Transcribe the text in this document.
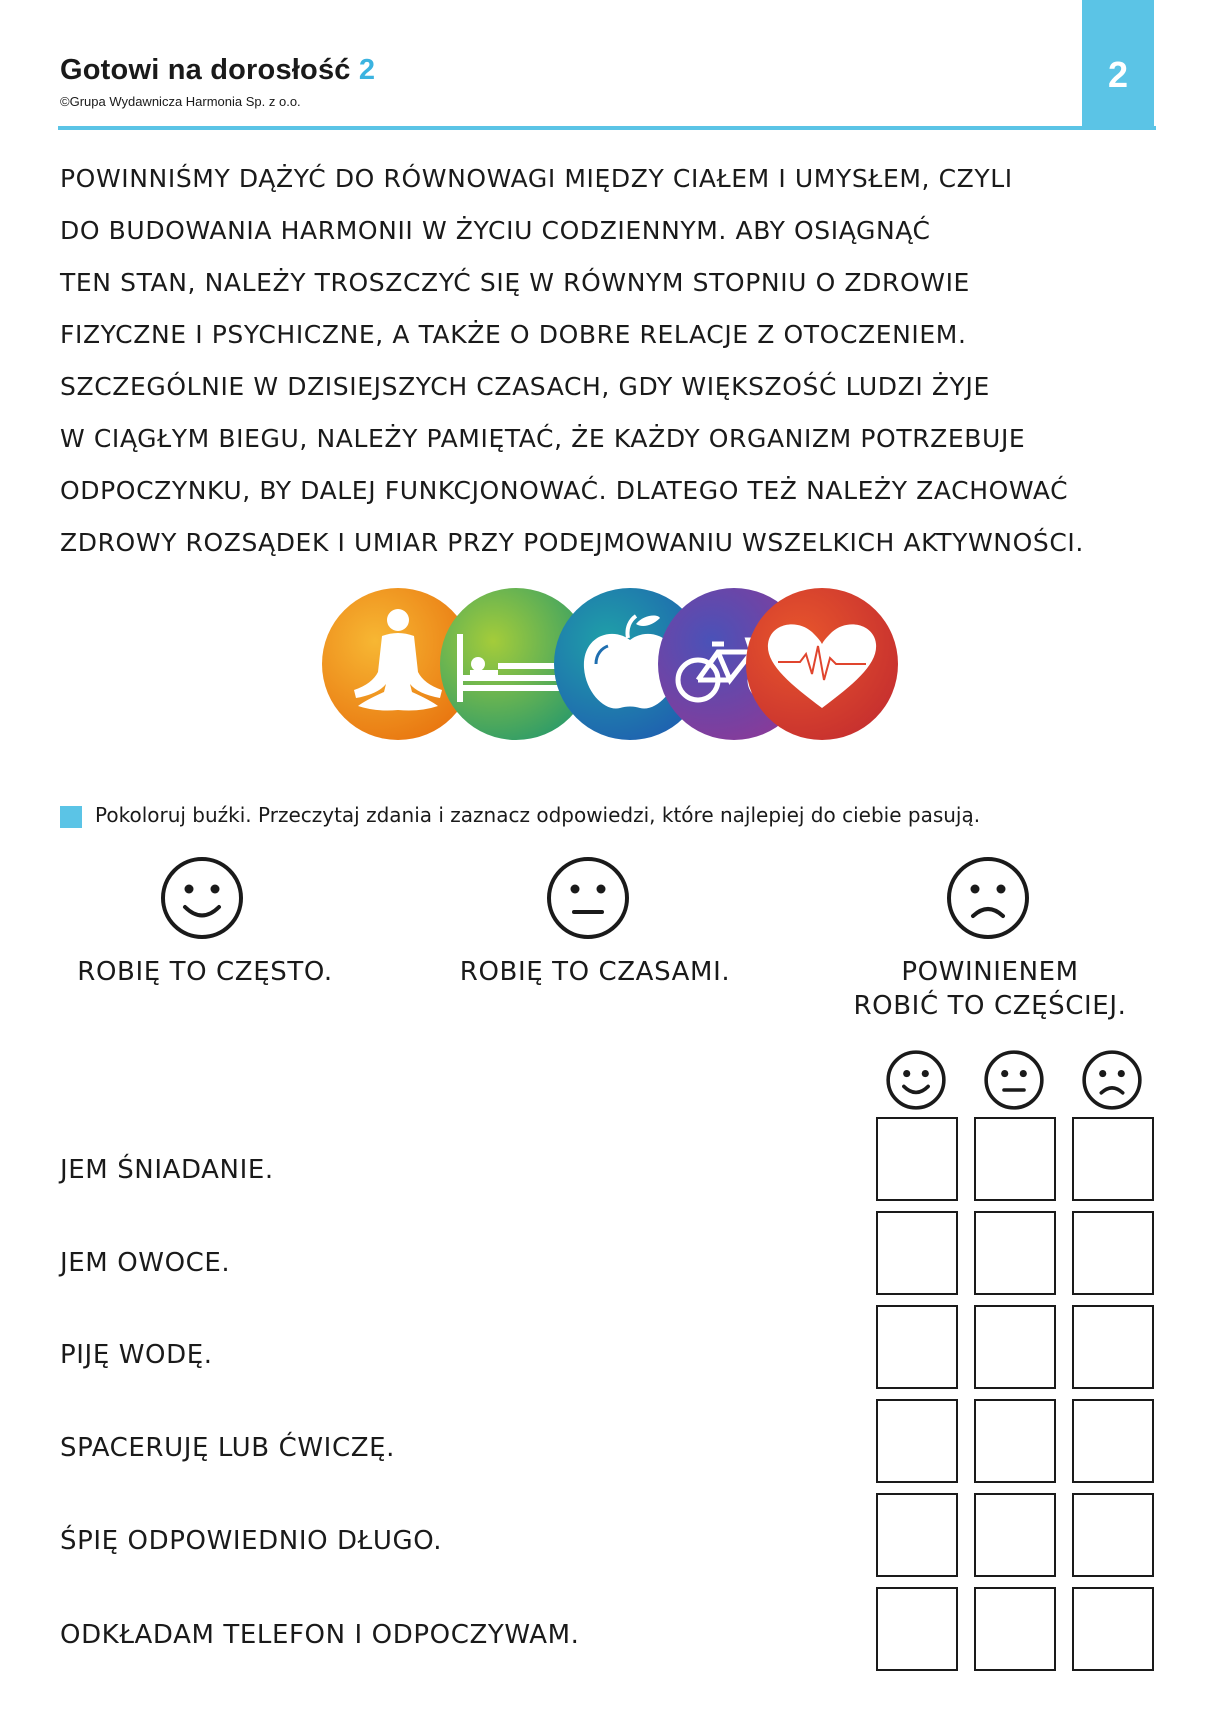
Gotowi na dorosłość 2
©Grupa Wydawnicza Harmonia Sp. z o.o.
2
POWINNIŚMY DĄŻYĆ DO RÓWNOWAGI MIĘDZY CIAŁEM I UMYSŁEM, CZYLI
DO BUDOWANIA HARMONII W ŻYCIU CODZIENNYM. ABY OSIĄGNĄĆ
TEN STAN, NALEŻY TROSZCZYĆ SIĘ W RÓWNYM STOPNIU O ZDROWIE
FIZYCZNE I PSYCHICZNE, A TAKŻE O DOBRE RELACJE Z OTOCZENIEM.
SZCZEGÓLNIE W DZISIEJSZYCH CZASACH, GDY WIĘKSZOŚĆ LUDZI ŻYJE
W CIĄGŁYM BIEGU, NALEŻY PAMIĘTAĆ, ŻE KAŻDY ORGANIZM POTRZEBUJE
ODPOCZYNKU, BY DALEJ FUNKCJONOWAĆ. DLATEGO TEŻ NALEŻY ZACHOWAĆ
ZDROWY ROZSĄDEK I UMIAR PRZY PODEJMOWANIU WSZELKICH AKTYWNOŚCI.
Pokoloruj buźki. Przeczytaj zdania i zaznacz odpowiedzi, które najlepiej do ciebie pasują.
ROBIĘ TO CZĘSTO.	ROBIĘ TO CZASAMI.	POWINIENEM
ROBIĆ TO CZĘŚCIEJ.
JEM ŚNIADANIE.
JEM OWOCE.
PIJĘ WODĘ.
SPACERUJĘ LUB ĆWICZĘ.
ŚPIĘ ODPOWIEDNIO DŁUGO.
ODKŁADAM TELEFON I ODPOCZYWAM.
